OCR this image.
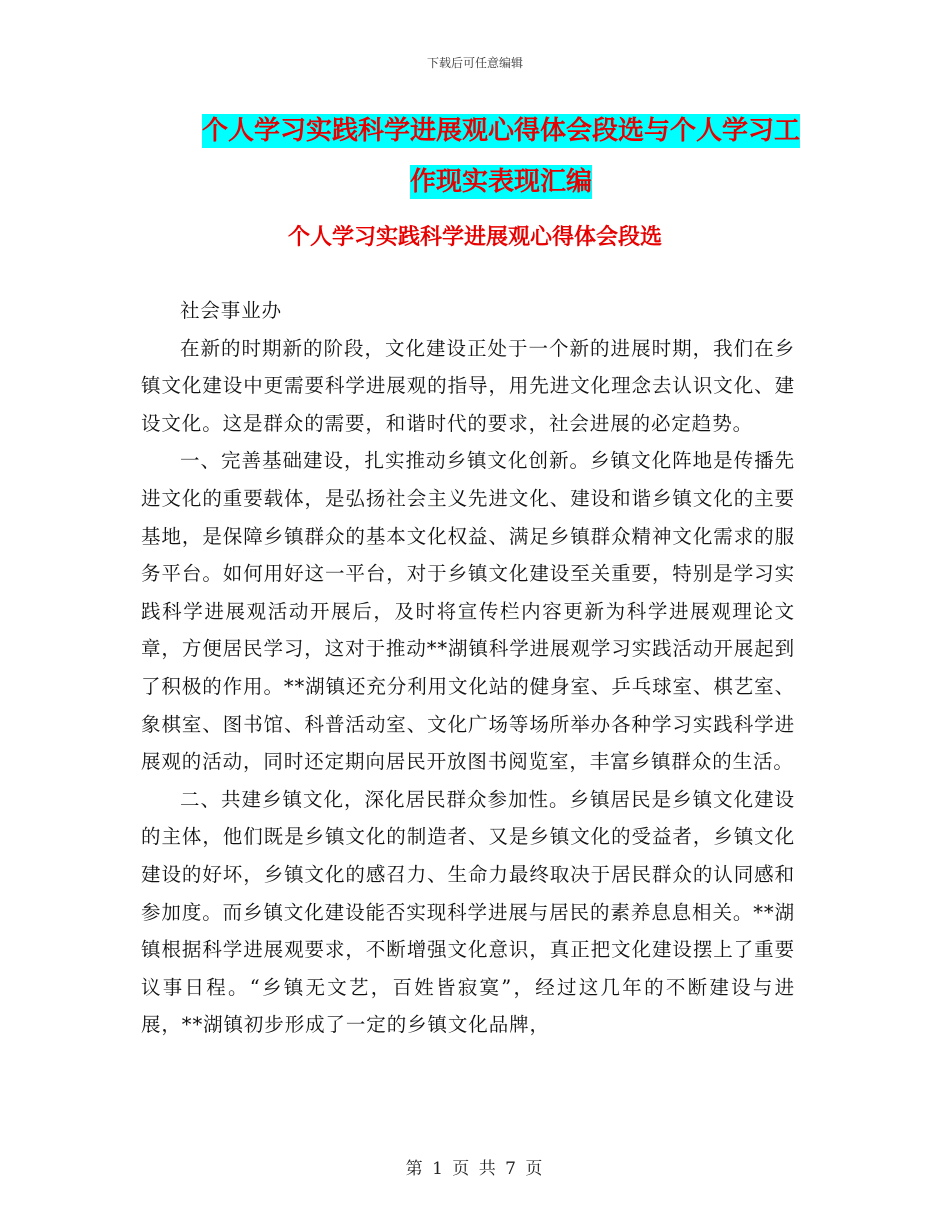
下载后可任意编辑
个人学习实践科学进展观心得体会段选与个人学习工
作现实表现汇编
个人学习实践科学进展观心得体会段选

社会事业办

在新的时期新的阶段，文化建设正处于一个新的进展时期，我们在乡镇文化建设中更需要科学进展观的指导，用先进文化理念去认识文化、建设文化。这是群众的需要，和谐时代的要求，社会进展的必定趋势。

一、完善基础建设，扎实推动乡镇文化创新。乡镇文化阵地是传播先进文化的重要载体，是弘扬社会主义先进文化、建设和谐乡镇文化的主要基地，是保障乡镇群众的基本文化权益、满足乡镇群众精神文化需求的服务平台。如何用好这一平台，对于乡镇文化建设至关重要，特别是学习实践科学进展观活动开展后，及时将宣传栏内容更新为科学进展观理论文章，方便居民学习，这对于推动**湖镇科学进展观学习实践活动开展起到了积极的作用。**湖镇还充分利用文化站的健身室、乒乓球室、棋艺室、象棋室、图书馆、科普活动室、文化广场等场所举办各种学习实践科学进展观的活动，同时还定期向居民开放图书阅览室，丰富乡镇群众的生活。

二、共建乡镇文化，深化居民群众参加性。乡镇居民是乡镇文化建设的主体，他们既是乡镇文化的制造者、又是乡镇文化的受益者，乡镇文化建设的好坏，乡镇文化的感召力、生命力最终取决于居民群众的认同感和参加度。而乡镇文化建设能否实现科学进展与居民的素养息息相关。**湖镇根据科学进展观要求，不断增强文化意识，真正把文化建设摆上了重要议事日程。“乡镇无文艺，百姓皆寂寞”，经过这几年的不断建设与进展，**湖镇初步形成了一定的乡镇文化品牌，

第 1 页 共 7 页
